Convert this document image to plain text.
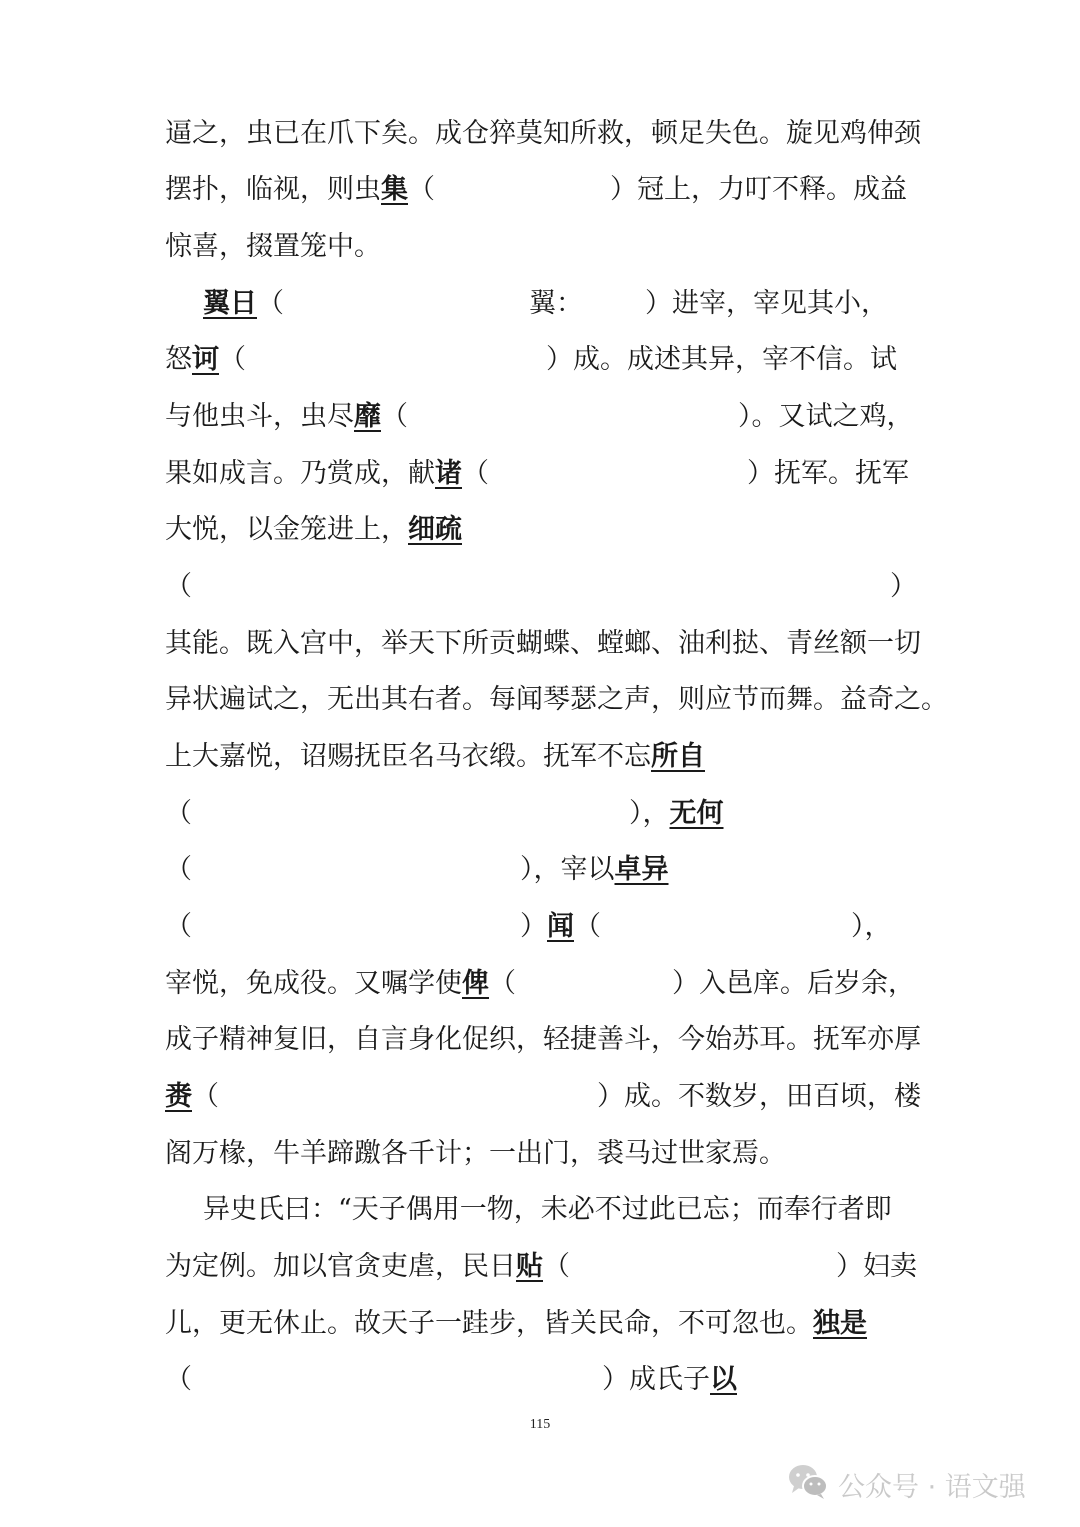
逼之，虫已在爪下矣。成仓猝莫知所救，顿足失色。旋见鸡伸颈
摆扑，临视，则虫集（	）冠上，力叮不释。成益
惊喜，掇置笼中。
翼日（	翼： ）进宰，宰见其小，
怒诃（	）成。成述其异，宰不信。试
与他虫斗，虫尽靡（	）。又试之鸡，
果如成言。乃赏成，献诸（	）抚军。抚军
大悦，以金笼进上，细疏
（	）
其能。既入宫中，举天下所贡蝴蝶、螳螂、油利挞、青丝额一切
异状遍试之，无出其右者。每闻琴瑟之声，则应节而舞。益奇之。
上大嘉悦，诏赐抚臣名马衣缎。抚军不忘所自
（	），无何
（	），宰以卓异
（	）闻（	），
宰悦，免成役。又嘱学使俾（	）入邑庠。后岁余，
成子精神复旧，自言身化促织，轻捷善斗，今始苏耳。抚军亦厚
赉（	）成。不数岁，田百顷，楼
阁万椽，牛羊蹄躈各千计；一出门，裘马过世家焉。
异史氏曰：“天子偶用一物，未必不过此已忘；而奉行者即
为定例。加以官贪吏虐，民日贴（	）妇卖
儿，更无休止。故天子一跬步，皆关民命，不可忽也。独是
（	）成氏子以
115
公众号 · 语文强
